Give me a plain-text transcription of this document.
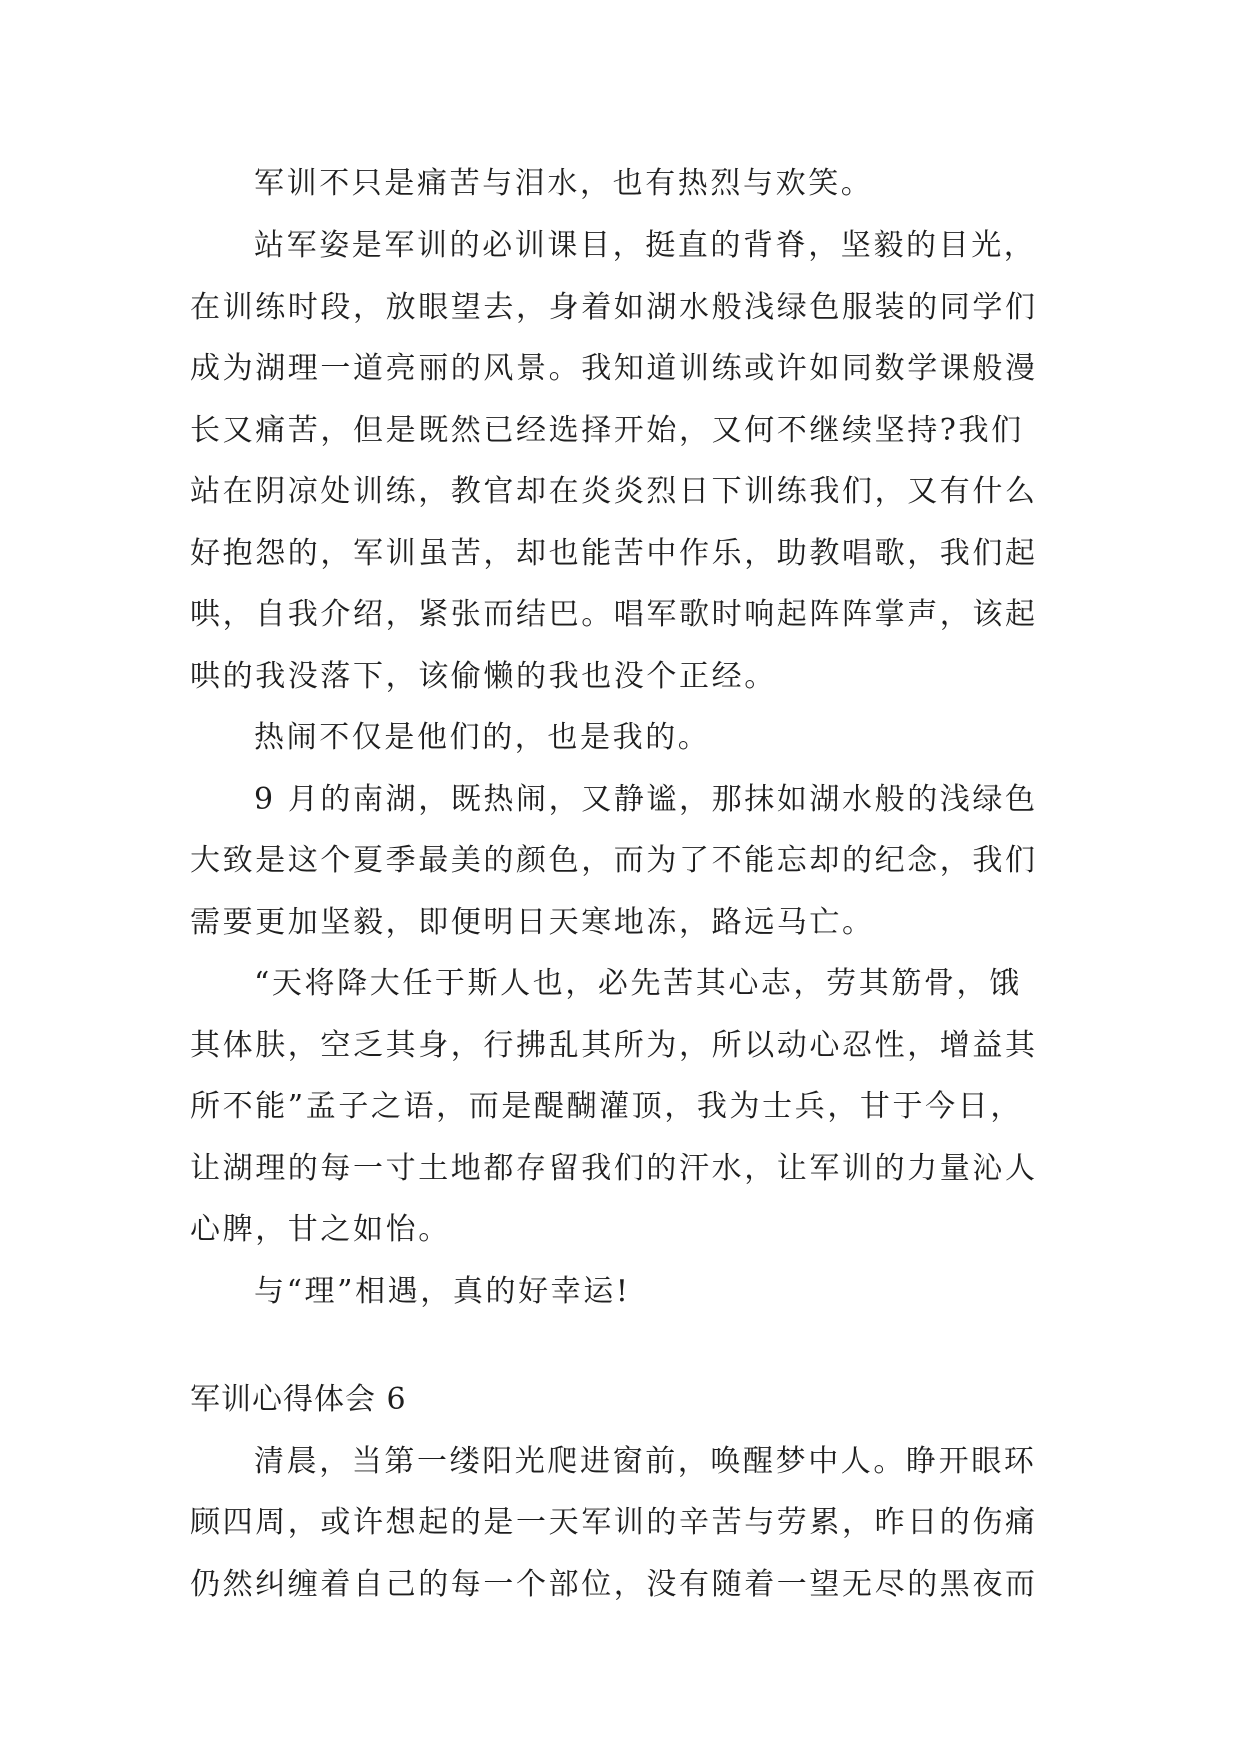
军训不只是痛苦与泪水，也有热烈与欢笑。
站军姿是军训的必训课目，挺直的背脊，坚毅的目光，
在训练时段，放眼望去，身着如湖水般浅绿色服装的同学们
成为湖理一道亮丽的风景。我知道训练或许如同数学课般漫
长又痛苦，但是既然已经选择开始，又何不继续坚持?我们
站在阴凉处训练，教官却在炎炎烈日下训练我们，又有什么
好抱怨的，军训虽苦，却也能苦中作乐，助教唱歌，我们起
哄，自我介绍，紧张而结巴。唱军歌时响起阵阵掌声，该起
哄的我没落下，该偷懒的我也没个正经。
热闹不仅是他们的，也是我的。
9 月的南湖，既热闹，又静谧，那抹如湖水般的浅绿色
大致是这个夏季最美的颜色，而为了不能忘却的纪念，我们
需要更加坚毅，即便明日天寒地冻，路远马亡。
“天将降大任于斯人也，必先苦其心志，劳其筋骨，饿
其体肤，空乏其身，行拂乱其所为，所以动心忍性，增益其
所不能”孟子之语，而是醍醐灌顶，我为士兵，甘于今日，
让湖理的每一寸土地都存留我们的汗水，让军训的力量沁人
心脾，甘之如怡。
与“理”相遇，真的好幸运!
军训心得体会 6
清晨，当第一缕阳光爬进窗前，唤醒梦中人。睁开眼环
顾四周，或许想起的是一天军训的辛苦与劳累，昨日的伤痛
仍然纠缠着自己的每一个部位，没有随着一望无尽的黑夜而
